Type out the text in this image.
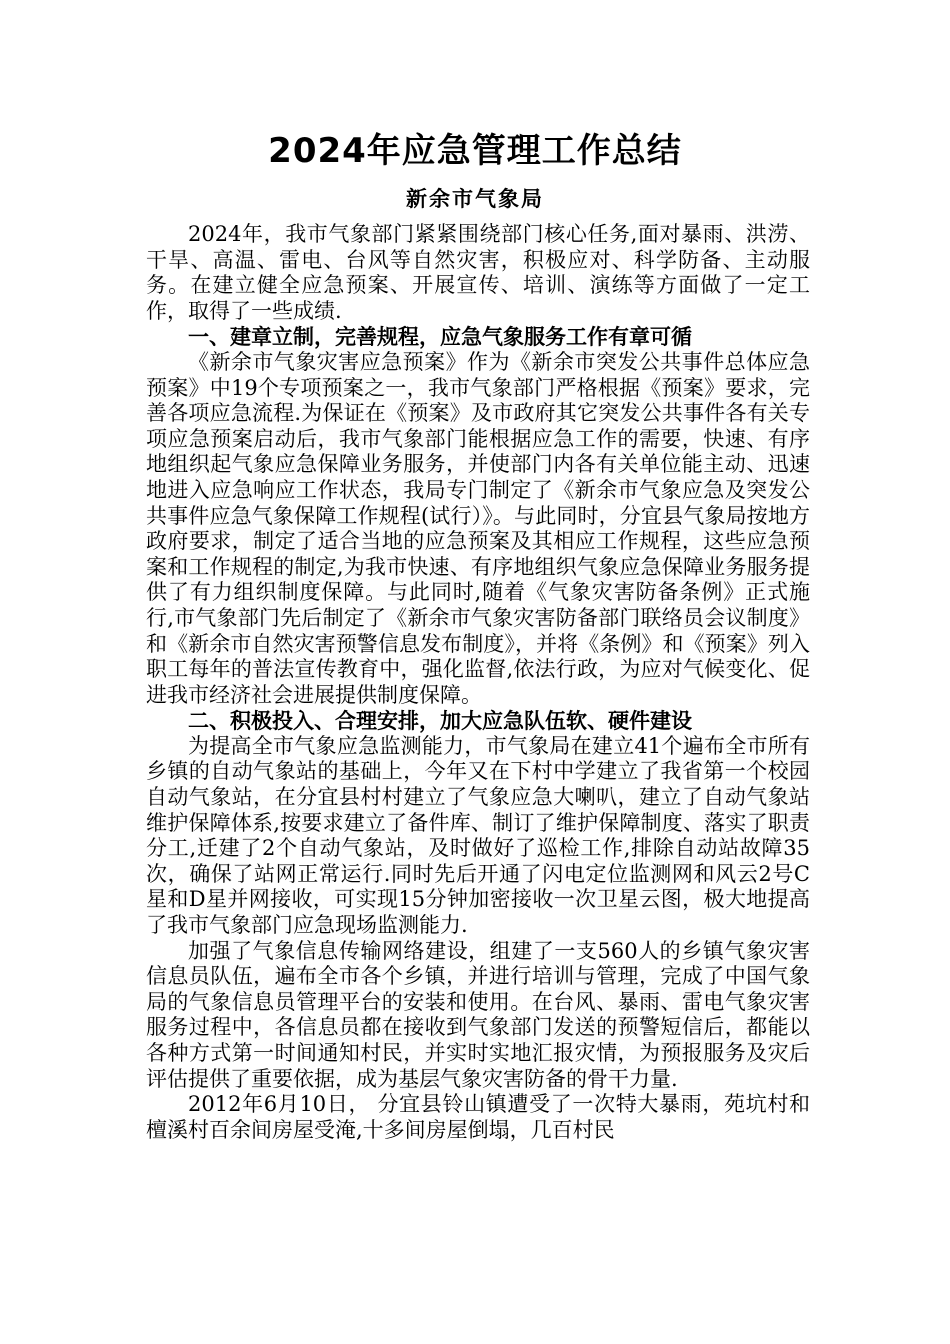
2024年应急管理工作总结
新余市气象局

2024年，我市气象部门紧紧围绕部门核心任务,面对暴雨、洪涝、干旱、高温、雷电、台风等自然灾害，积极应对、科学防备、主动服务。在建立健全应急预案、开展宣传、培训、演练等方面做了一定工作，取得了一些成绩.

一、建章立制，完善规程，应急气象服务工作有章可循

《新余市气象灾害应急预案》作为《新余市突发公共事件总体应急预案》中19个专项预案之一，我市气象部门严格根据《预案》要求，完善各项应急流程.为保证在《预案》及市政府其它突发公共事件各有关专项应急预案启动后，我市气象部门能根据应急工作的需要，快速、有序地组织起气象应急保障业务服务，并使部门内各有关单位能主动、迅速地进入应急响应工作状态，我局专门制定了《新余市气象应急及突发公共事件应急气象保障工作规程(试行）》。与此同时，分宜县气象局按地方政府要求，制定了适合当地的应急预案及其相应工作规程，这些应急预案和工作规程的制定,为我市快速、有序地组织气象应急保障业务服务提供了有力组织制度保障。与此同时,随着《气象灾害防备条例》正式施行,市气象部门先后制定了《新余市气象灾害防备部门联络员会议制度》和《新余市自然灾害预警信息发布制度》，并将《条例》和《预案》列入职工每年的普法宣传教育中，强化监督,依法行政，为应对气候变化、促进我市经济社会进展提供制度保障。

二、积极投入、合理安排，加大应急队伍软、硬件建设

为提高全市气象应急监测能力，市气象局在建立41个遍布全市所有乡镇的自动气象站的基础上，今年又在下村中学建立了我省第一个校园自动气象站，在分宜县村村建立了气象应急大喇叭，建立了自动气象站维护保障体系,按要求建立了备件库、制订了维护保障制度、落实了职责分工,迁建了2个自动气象站，及时做好了巡检工作,排除自动站故障35次，确保了站网正常运行.同时先后开通了闪电定位监测网和风云2号C星和D星并网接收，可实现15分钟加密接收一次卫星云图，极大地提高了我市气象部门应急现场监测能力.

加强了气象信息传输网络建设，组建了一支560人的乡镇气象灾害信息员队伍，遍布全市各个乡镇，并进行培训与管理，完成了中国气象局的气象信息员管理平台的安装和使用。在台风、暴雨、雷电气象灾害服务过程中，各信息员都在接收到气象部门发送的预警短信后，都能以各种方式第一时间通知村民，并实时实地汇报灾情，为预报服务及灾后评估提供了重要依据，成为基层气象灾害防备的骨干力量.

2012年6月10日， 分宜县铃山镇遭受了一次特大暴雨，苑坑村和檀溪村百余间房屋受淹,十多间房屋倒塌，几百村民
